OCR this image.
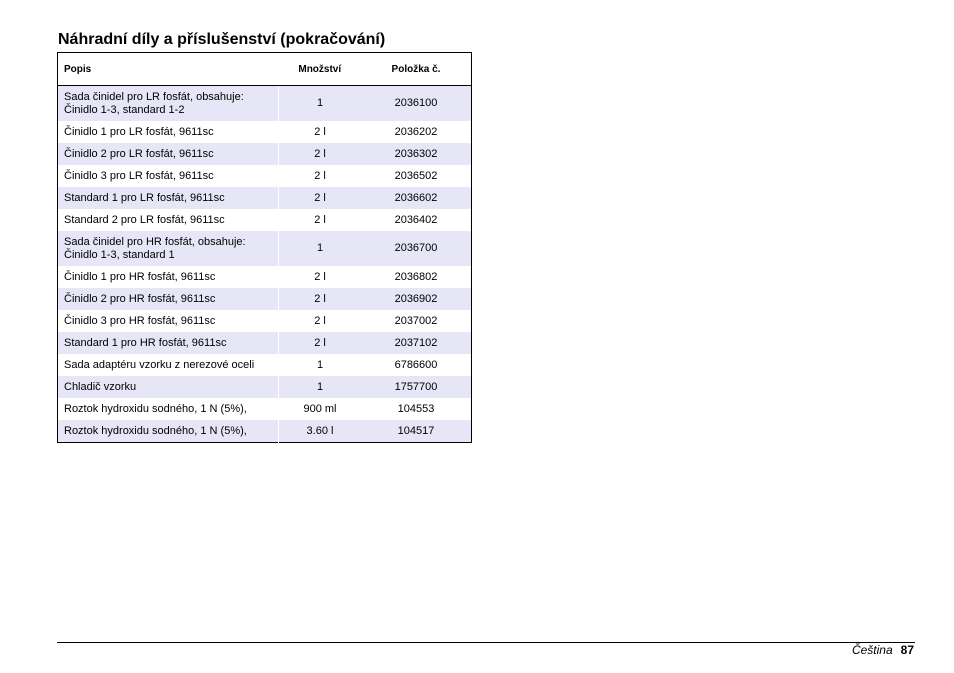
Náhradní díly a příslušenství (pokračování)
Popis	Množství	Položka č.
Sada činidel pro LR fosfát, obsahuje:
Činidlo 1-3, standard 1-2	1	2036100
Činidlo 1 pro LR fosfát, 9611sc	2 l	2036202
Činidlo 2 pro LR fosfát, 9611sc	2 l	2036302
Činidlo 3 pro LR fosfát, 9611sc	2 l	2036502
Standard 1 pro LR fosfát, 9611sc	2 l	2036602
Standard 2 pro LR fosfát, 9611sc	2 l	2036402
Sada činidel pro HR fosfát, obsahuje:
Činidlo 1-3, standard 1	1	2036700
Činidlo 1 pro HR fosfát, 9611sc	2 l	2036802
Činidlo 2 pro HR fosfát, 9611sc	2 l	2036902
Činidlo 3 pro HR fosfát, 9611sc	2 l	2037002
Standard 1 pro HR fosfát, 9611sc	2 l	2037102
Sada adaptéru vzorku z nerezové oceli	1	6786600
Chladič vzorku	1	1757700
Roztok hydroxidu sodného, 1 N (5%),	900 ml	104553
Roztok hydroxidu sodného, 1 N (5%),	3.60 l	104517
Čeština 87
